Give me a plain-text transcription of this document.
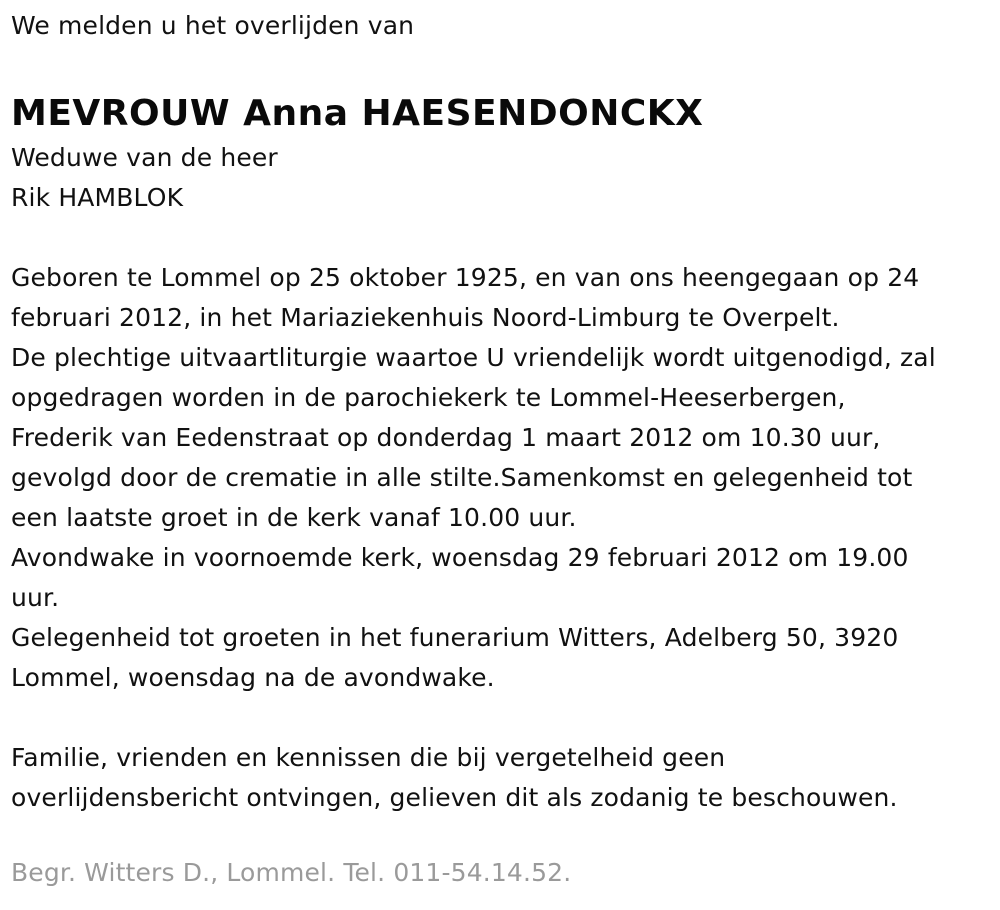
We melden u het overlijden van
MEVROUW Anna HAESENDONCKX
Weduwe van de heer
Rik HAMBLOK
Geboren te Lommel op 25 oktober 1925, en van ons heengegaan op 24
februari 2012, in het Mariaziekenhuis Noord-Limburg te Overpelt.
De plechtige uitvaartliturgie waartoe U vriendelijk wordt uitgenodigd, zal
opgedragen worden in de parochiekerk te Lommel-Heeserbergen,
Frederik van Eedenstraat op donderdag 1 maart 2012 om 10.30 uur,
gevolgd door de crematie in alle stilte.Samenkomst en gelegenheid tot
een laatste groet in de kerk vanaf 10.00 uur.
Avondwake in voornoemde kerk, woensdag 29 februari 2012 om 19.00
uur.
Gelegenheid tot groeten in het funerarium Witters, Adelberg 50, 3920
Lommel, woensdag na de avondwake.
Familie, vrienden en kennissen die bij vergetelheid geen
overlijdensbericht ontvingen, gelieven dit als zodanig te beschouwen.
Begr. Witters D., Lommel. Tel. 011-54.14.52.
